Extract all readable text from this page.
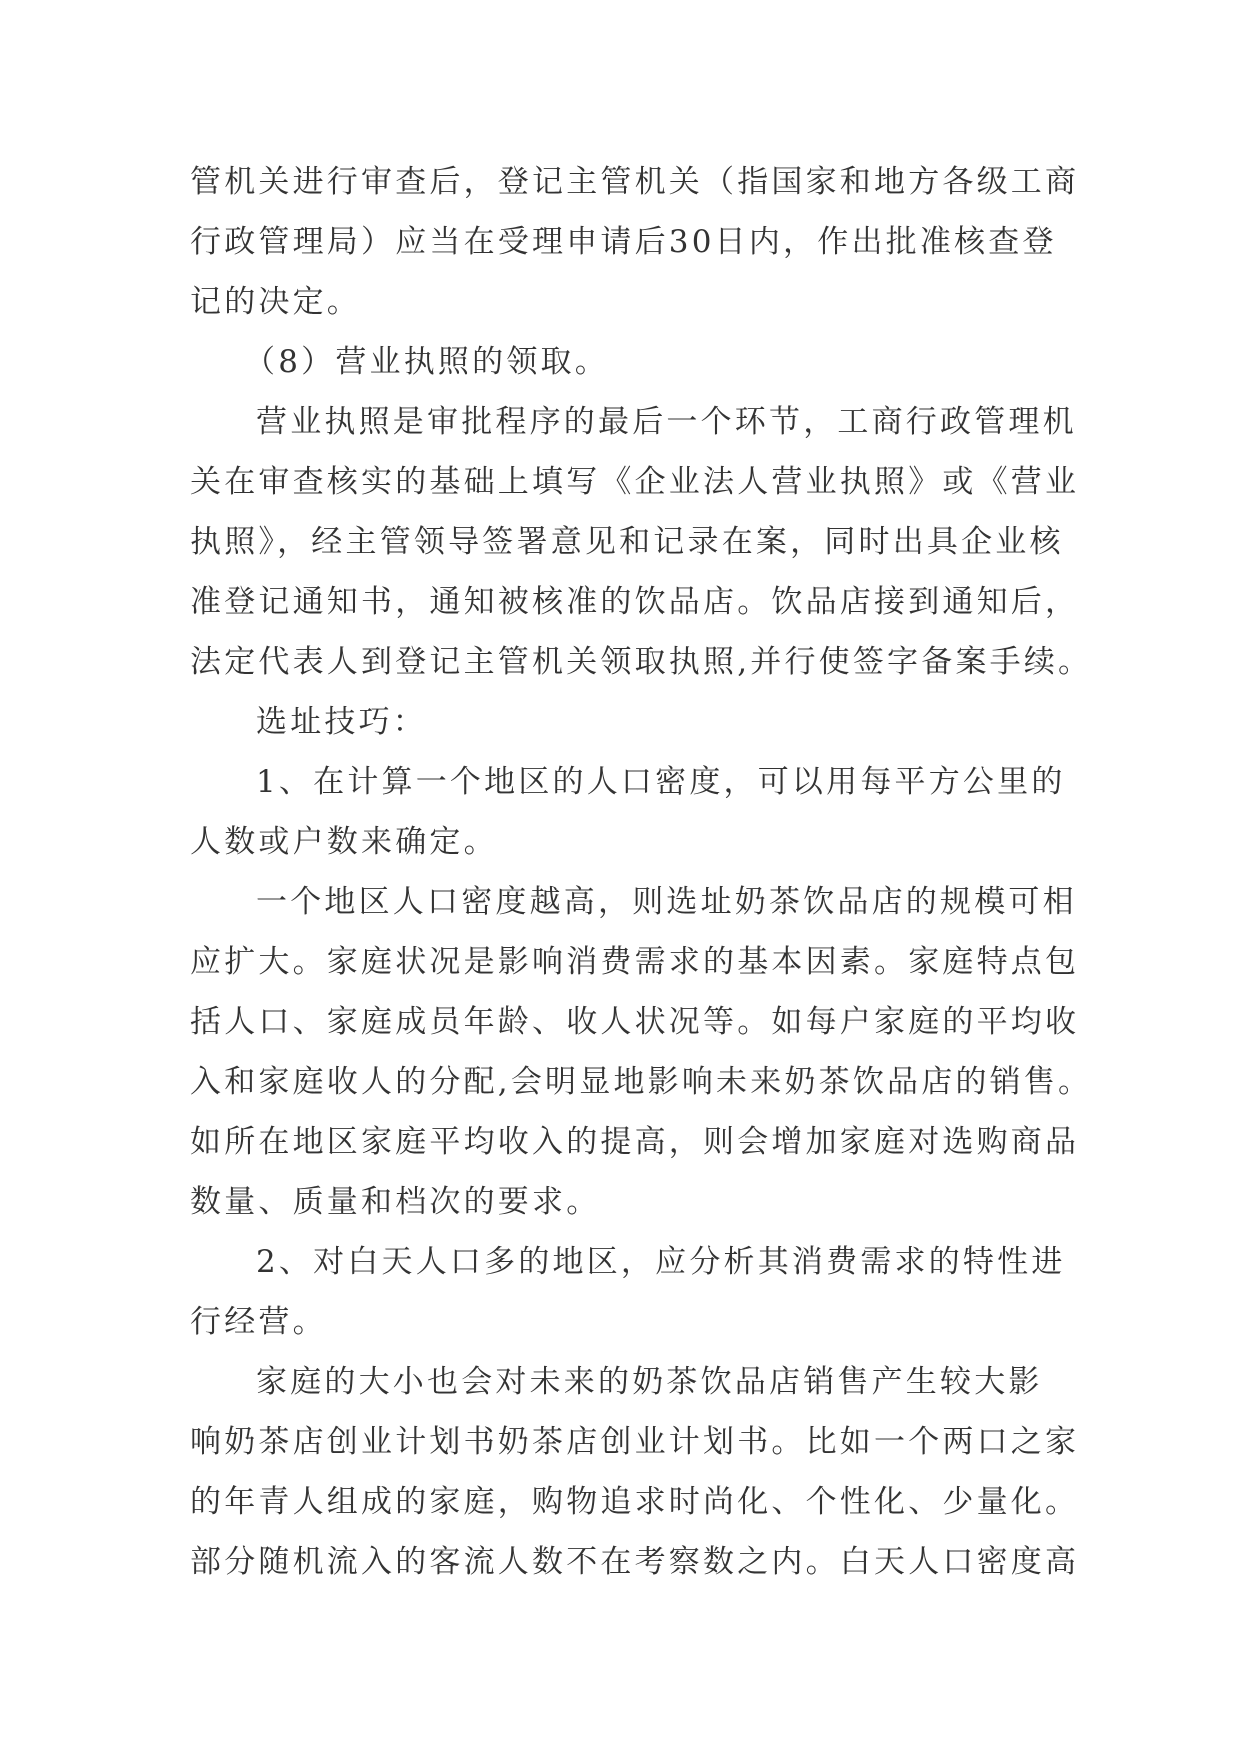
管机关进行审查后，登记主管机关（指国家和地方各级工商
行政管理局）应当在受理申请后30日内，作出批准核查登
记的决定。
（8）营业执照的领取。
营业执照是审批程序的最后一个环节，工商行政管理机
关在审查核实的基础上填写《企业法人营业执照》或《营业
执照》，经主管领导签署意见和记录在案，同时出具企业核
准登记通知书，通知被核准的饮品店。饮品店接到通知后，
法定代表人到登记主管机关领取执照,并行使签字备案手续。
选址技巧：
1、在计算一个地区的人口密度，可以用每平方公里的
人数或户数来确定。
一个地区人口密度越高，则选址奶茶饮品店的规模可相
应扩大。家庭状况是影响消费需求的基本因素。家庭特点包
括人口、家庭成员年龄、收人状况等。如每户家庭的平均收
入和家庭收人的分配,会明显地影响未来奶茶饮品店的销售。
如所在地区家庭平均收入的提高，则会增加家庭对选购商品
数量、质量和档次的要求。
2、对白天人口多的地区，应分析其消费需求的特性进
行经营。
家庭的大小也会对未来的奶茶饮品店销售产生较大影
响奶茶店创业计划书奶茶店创业计划书。比如一个两口之家
的年青人组成的家庭，购物追求时尚化、个性化、少量化。
部分随机流入的客流人数不在考察数之内。白天人口密度高
